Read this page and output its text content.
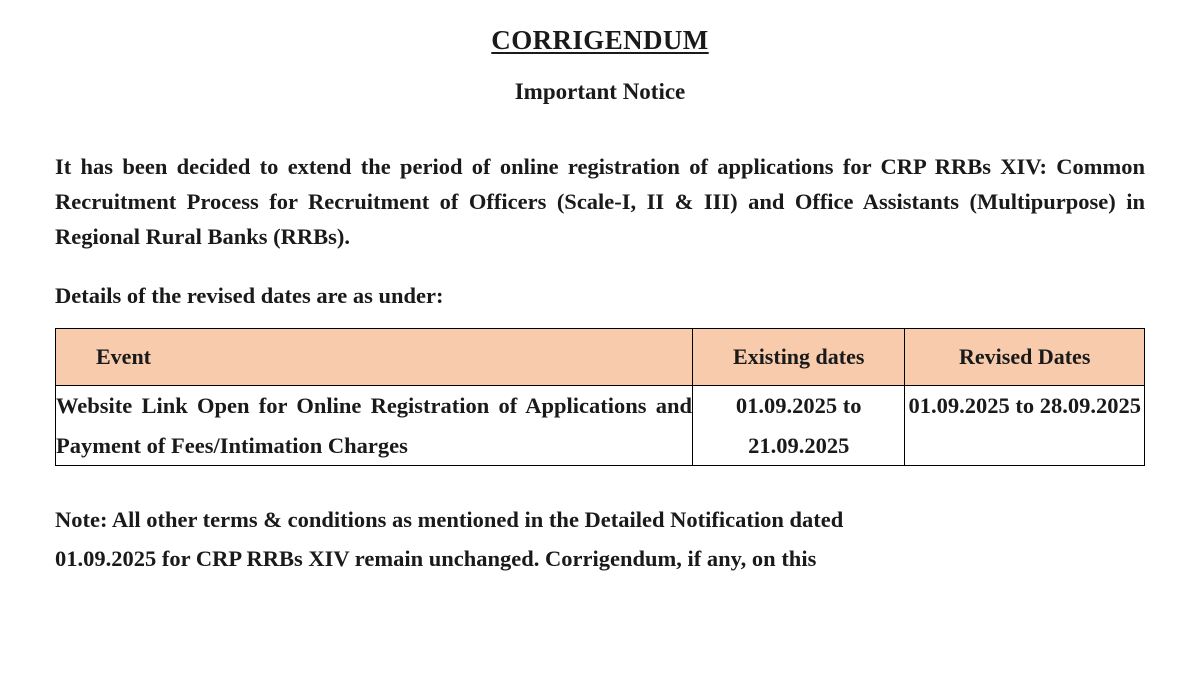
CORRIGENDUM
Important Notice

It has been decided to extend the period of online registration of applications for CRP RRBs XIV: Common Recruitment Process for Recruitment of Officers (Scale-I, II & III) and Office Assistants (Multipurpose) in Regional Rural Banks (RRBs).

Details of the revised dates are as under:

Event	Existing dates	Revised Dates
Website Link Open for Online Registration of Applications and Payment of Fees/Intimation Charges	01.09.2025 to 21.09.2025	01.09.2025 to 28.09.2025
Note: All other terms & conditions as mentioned in the Detailed Notification dated
01.09.2025 for CRP RRBs XIV remain unchanged. Corrigendum, if any, on this
